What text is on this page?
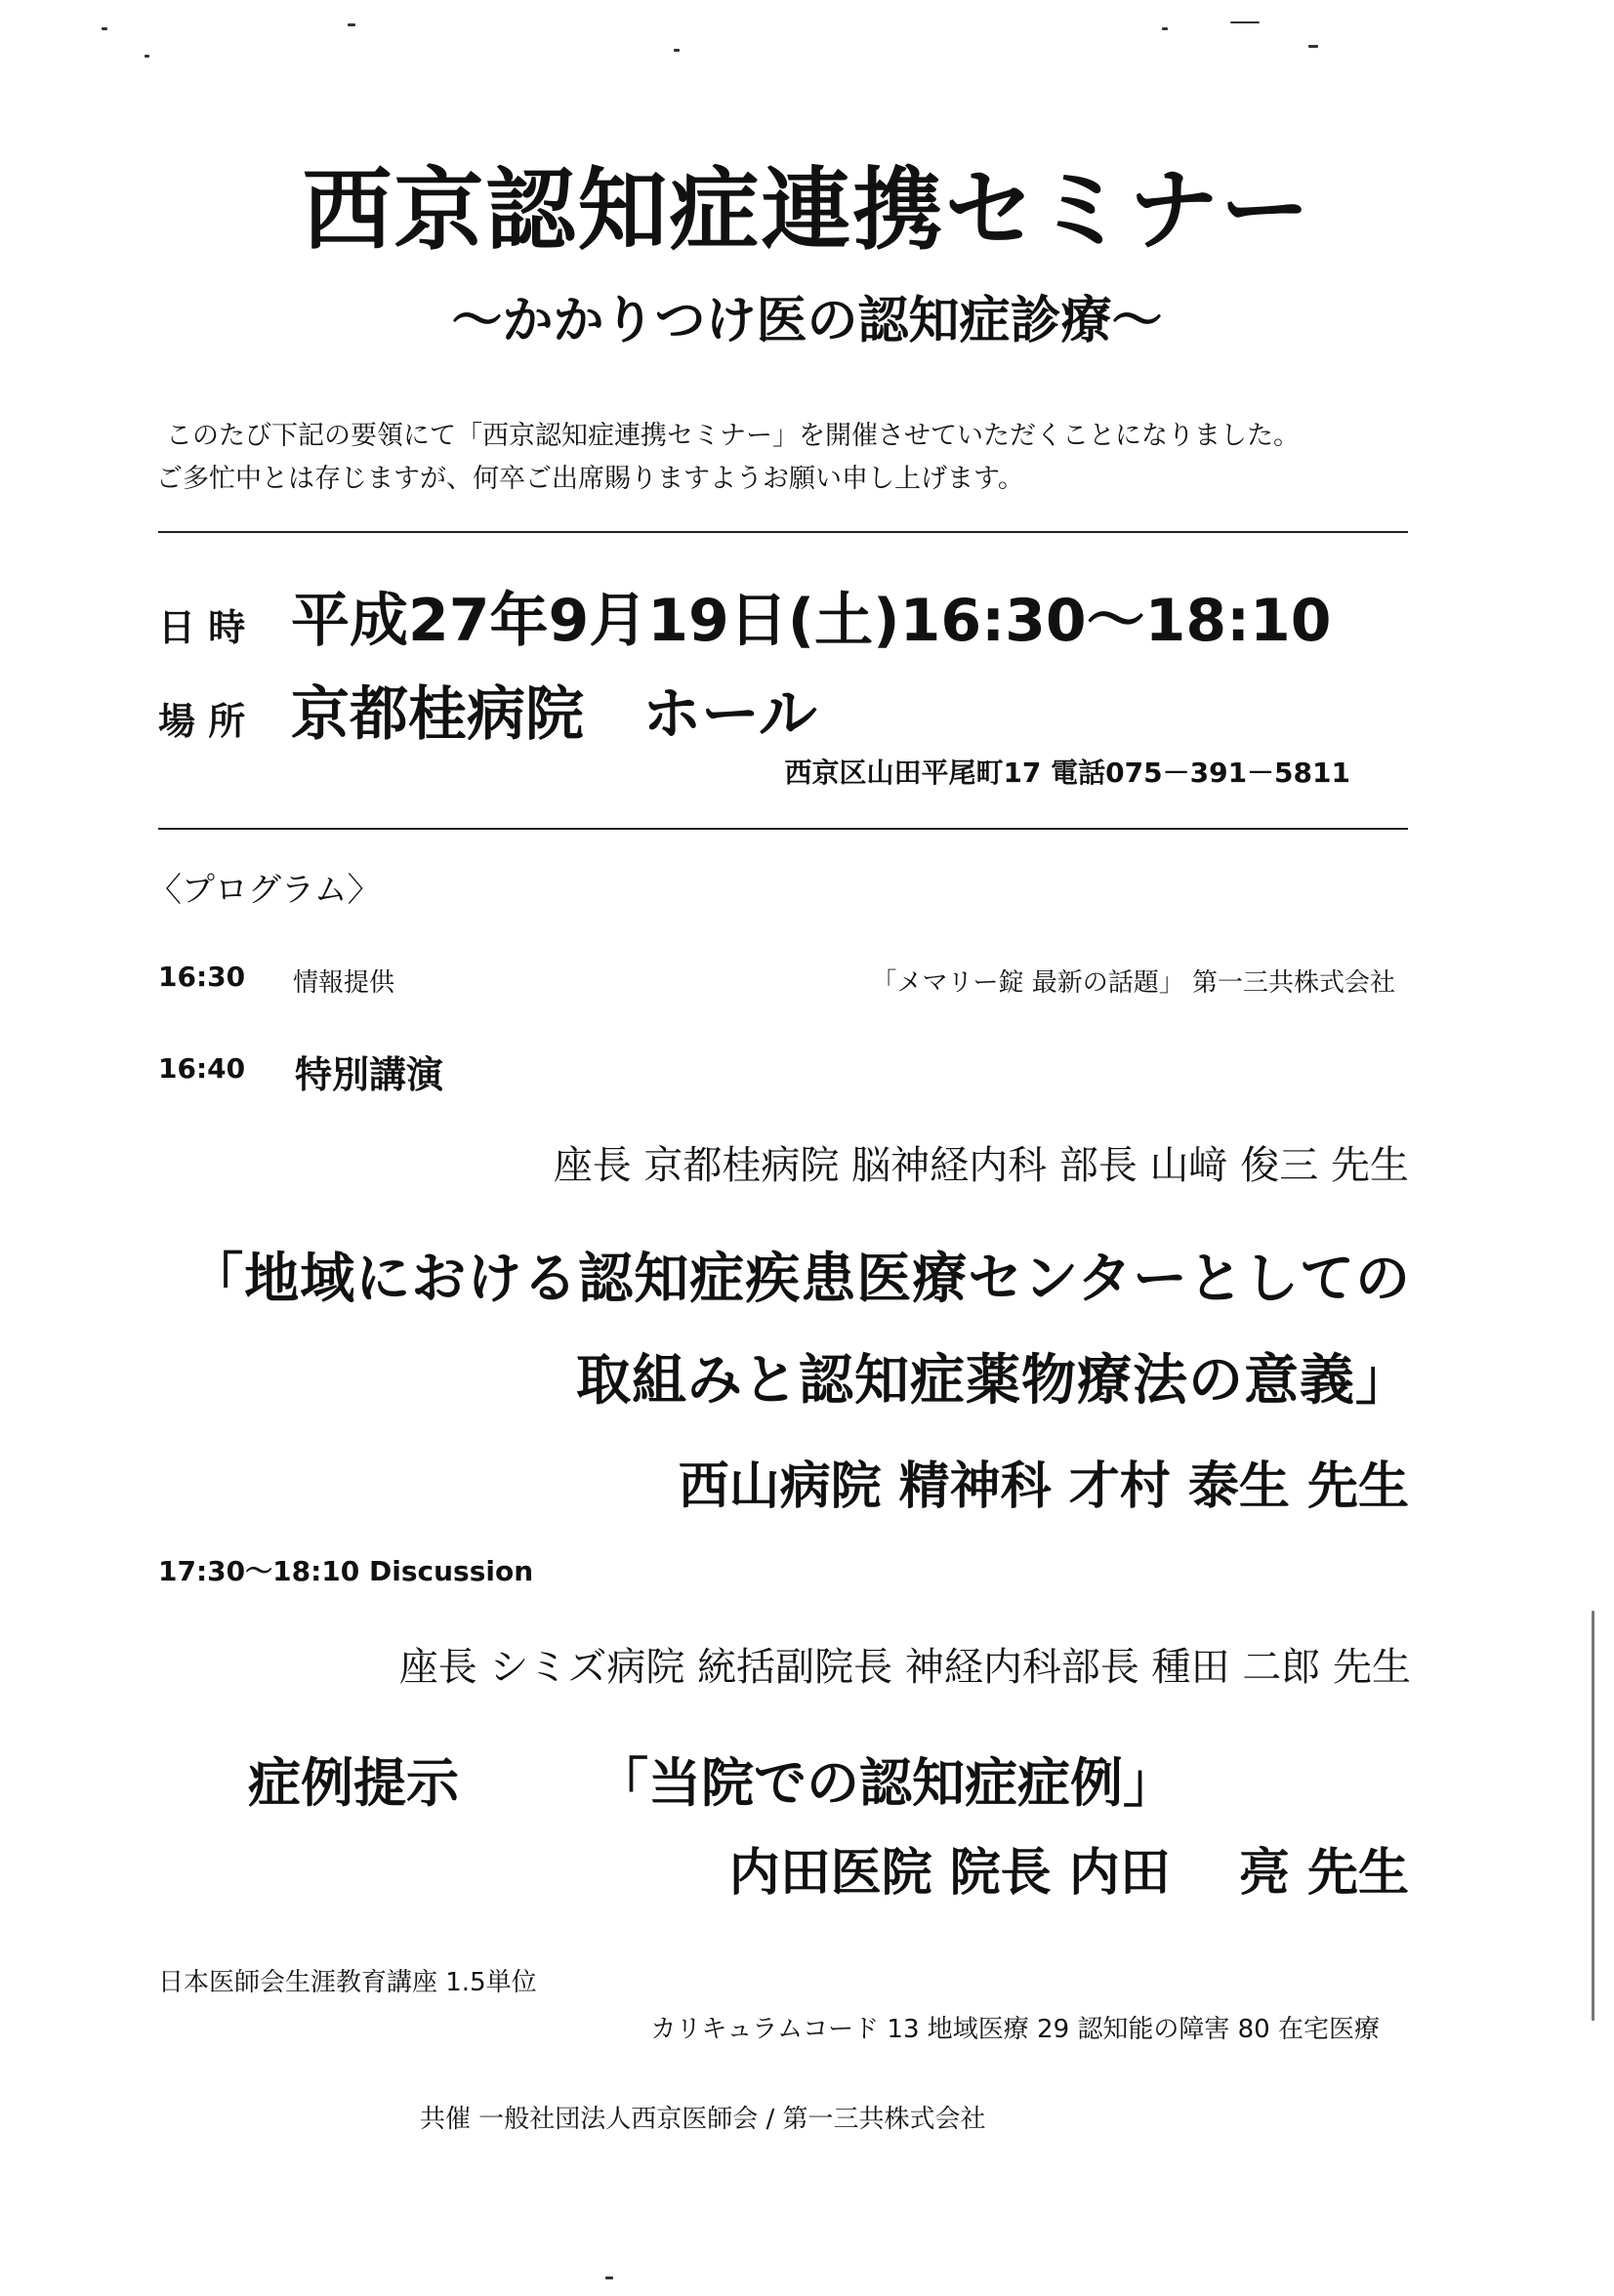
西京認知症連携セミナー
～かかりつけ医の認知症診療～
このたび下記の要領にて「西京認知症連携セミナー」を開催させていただくことになりました。
ご多忙中とは存じますが、何卒ご出席賜りますようお願い申し上げます。
日 時 平成27年9月19日(土)16:30～18:10
場 所 京都桂病院　ホール
西京区山田平尾町17 電話075－391－5811
〈プログラム〉
16:30 情報提供	「メマリー錠 最新の話題」 第一三共株式会社
16:40 特別講演
座長 京都桂病院 脳神経内科 部長 山﨑 俊三 先生
「地域における認知症疾患医療センターとしての
取組みと認知症薬物療法の意義」
西山病院 精神科 才村 泰生 先生
17:30～18:10 Discussion
座長 シミズ病院 統括副院長 神経内科部長 種田 二郎 先生
症例提示	「当院での認知症症例」
内田医院 院長 内田　 亮 先生
日本医師会生涯教育講座 1.5単位
カリキュラムコード 13 地域医療 29 認知能の障害 80 在宅医療
共催 一般社団法人西京医師会 / 第一三共株式会社
